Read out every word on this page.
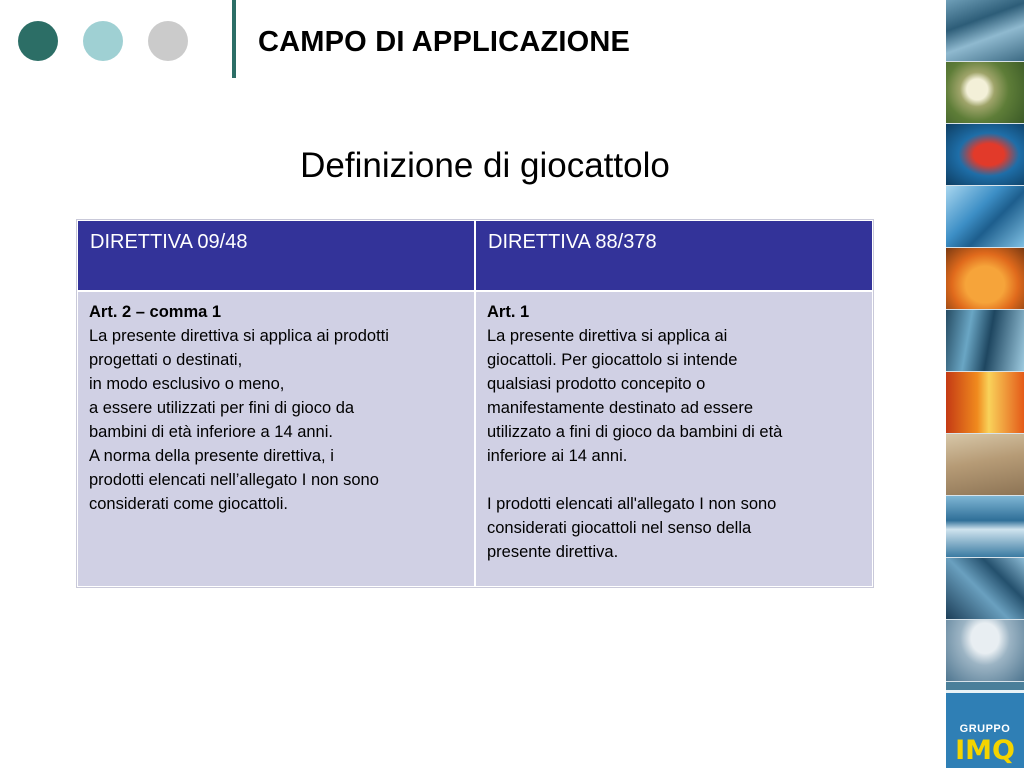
CAMPO DI APPLICAZIONE
Definizione di giocattolo
DIRETTIVA 09/48	DIRETTIVA 88/378
Art. 2 – comma 1
La presente direttiva si applica ai prodotti
progettati o destinati,
in modo esclusivo o meno,
a essere utilizzati per fini di gioco da
bambini di età inferiore a 14 anni.
A norma della presente direttiva, i
prodotti elencati nell’allegato I non sono
considerati come giocattoli.
Art. 1
La presente direttiva si applica ai
giocattoli. Per giocattolo si intende
qualsiasi prodotto concepito o
manifestamente destinato ad essere
utilizzato a fini di gioco da bambini di età
inferiore ai 14 anni.
I prodotti elencati all'allegato I non sono
considerati giocattoli nel senso della
presente direttiva.
GRUPPO
IMQ
